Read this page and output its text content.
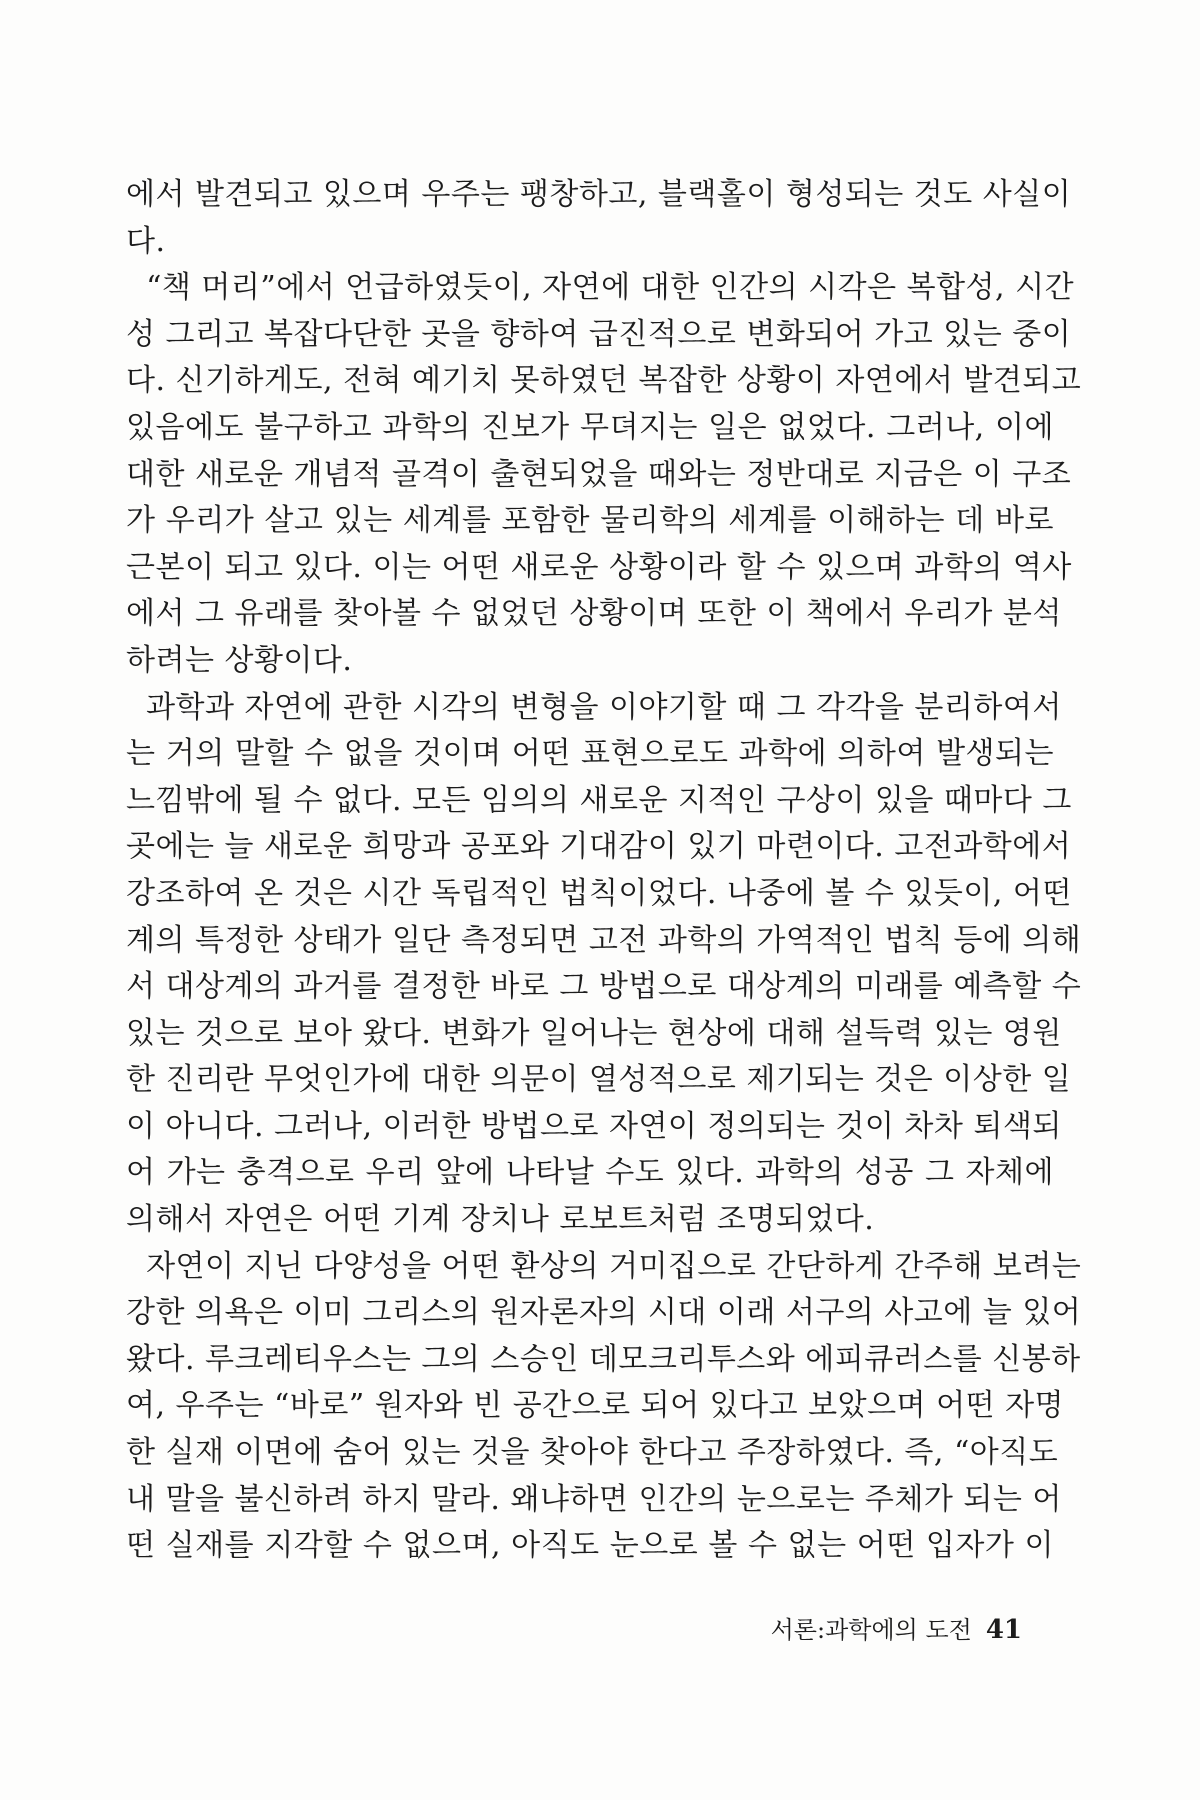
에서 발견되고 있으며 우주는 팽창하고, 블랙홀이 형성되는 것도 사실이
다.
“책 머리”에서 언급하였듯이, 자연에 대한 인간의 시각은 복합성, 시간
성 그리고 복잡다단한 곳을 향하여 급진적으로 변화되어 가고 있는 중이
다. 신기하게도, 전혀 예기치 못하였던 복잡한 상황이 자연에서 발견되고
있음에도 불구하고 과학의 진보가 무뎌지는 일은 없었다. 그러나, 이에
대한 새로운 개념적 골격이 출현되었을 때와는 정반대로 지금은 이 구조
가 우리가 살고 있는 세계를 포함한 물리학의 세계를 이해하는 데 바로
근본이 되고 있다. 이는 어떤 새로운 상황이라 할 수 있으며 과학의 역사
에서 그 유래를 찾아볼 수 없었던 상황이며 또한 이 책에서 우리가 분석
하려는 상황이다.
과학과 자연에 관한 시각의 변형을 이야기할 때 그 각각을 분리하여서
는 거의 말할 수 없을 것이며 어떤 표현으로도 과학에 의하여 발생되는
느낌밖에 될 수 없다. 모든 임의의 새로운 지적인 구상이 있을 때마다 그
곳에는 늘 새로운 희망과 공포와 기대감이 있기 마련이다. 고전과학에서
강조하여 온 것은 시간 독립적인 법칙이었다. 나중에 볼 수 있듯이, 어떤
계의 특정한 상태가 일단 측정되면 고전 과학의 가역적인 법칙 등에 의해
서 대상계의 과거를 결정한 바로 그 방법으로 대상계의 미래를 예측할 수
있는 것으로 보아 왔다. 변화가 일어나는 현상에 대해 설득력 있는 영원
한 진리란 무엇인가에 대한 의문이 열성적으로 제기되는 것은 이상한 일
이 아니다. 그러나, 이러한 방법으로 자연이 정의되는 것이 차차 퇴색되
어 가는 충격으로 우리 앞에 나타날 수도 있다. 과학의 성공 그 자체에
의해서 자연은 어떤 기계 장치나 로보트처럼 조명되었다.
자연이 지닌 다양성을 어떤 환상의 거미집으로 간단하게 간주해 보려는
강한 의욕은 이미 그리스의 원자론자의 시대 이래 서구의 사고에 늘 있어
왔다. 루크레티우스는 그의 스승인 데모크리투스와 에피큐러스를 신봉하
여, 우주는 “바로” 원자와 빈 공간으로 되어 있다고 보았으며 어떤 자명
한 실재 이면에 숨어 있는 것을 찾아야 한다고 주장하였다. 즉, “아직도
내 말을 불신하려 하지 말라. 왜냐하면 인간의 눈으로는 주체가 되는 어
떤 실재를 지각할 수 없으며, 아직도 눈으로 볼 수 없는 어떤 입자가 이
서론:과학에의 도전 41
